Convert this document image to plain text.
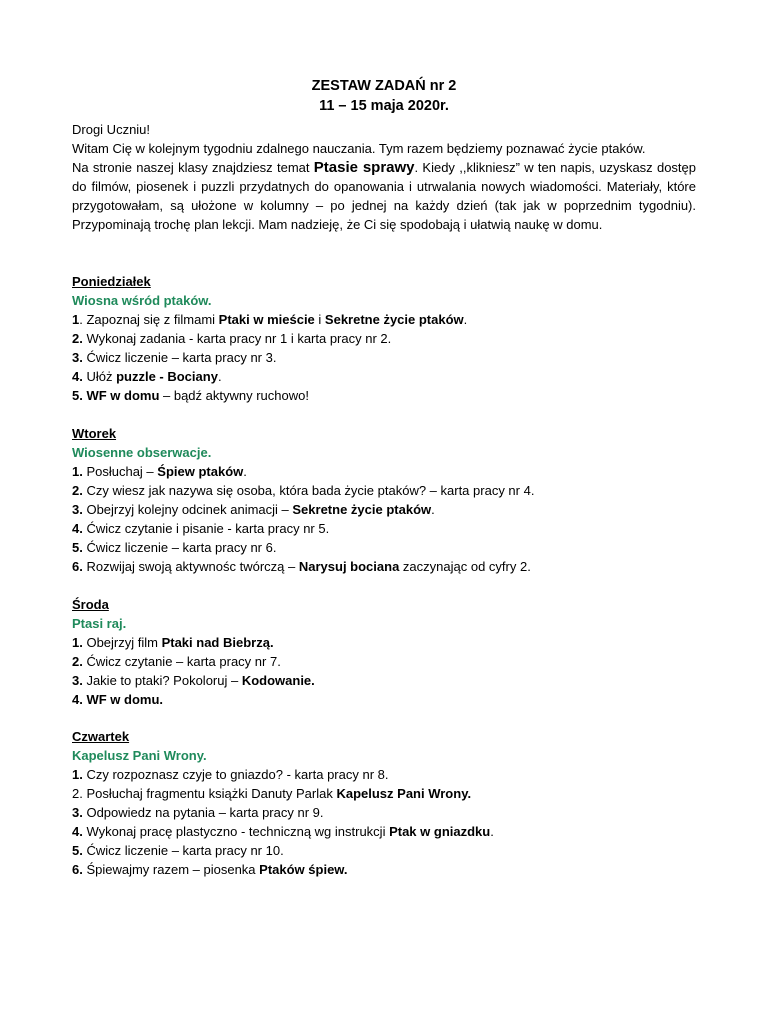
ZESTAW ZADAŃ nr 2
11 – 15 maja 2020r.

Drogi Uczniu!

Witam Cię w kolejnym tygodniu zdalnego nauczania. Tym razem będziemy poznawać życie ptaków.

Na stronie naszej klasy znajdziesz temat Ptasie sprawy. Kiedy ,,klikniesz” w ten napis, uzyskasz dostęp do filmów, piosenek i puzzli przydatnych do opanowania i utrwalania nowych wiadomości. Materiały, które przygotowałam, są ułożone w kolumny – po jednej na każdy dzień (tak jak w poprzednim tygodniu). Przypominają trochę plan lekcji. Mam nadzieję, że Ci się spodobają i ułatwią naukę w domu.

Poniedziałek
Wiosna wśród ptaków.

1. Zapoznaj się z filmami Ptaki w mieście i Sekretne życie ptaków.

2. Wykonaj zadania - karta pracy nr 1 i karta pracy nr 2.

3. Ćwicz liczenie – karta pracy nr 3.

4. Ułóż puzzle - Bociany.

5. WF w domu – bądź aktywny ruchowo!

Wtorek
Wiosenne obserwacje.

1. Posłuchaj – Śpiew ptaków.

2. Czy wiesz jak nazywa się osoba, która bada życie ptaków? – karta pracy nr 4.

3. Obejrzyj kolejny odcinek animacji – Sekretne życie ptaków.

4. Ćwicz czytanie i pisanie - karta pracy nr 5.

5. Ćwicz liczenie – karta pracy nr 6.

6. Rozwijaj swoją aktywnośc twórczą – Narysuj bociana zaczynając od cyfry 2.

Środa
Ptasi raj.

1. Obejrzyj film Ptaki nad Biebrzą.

2. Ćwicz czytanie – karta pracy nr 7.

3. Jakie to ptaki? Pokoloruj – Kodowanie.

4. WF w domu.

Czwartek
Kapelusz Pani Wrony.

1. Czy rozpoznasz czyje to gniazdo? - karta pracy nr 8.

2. Posłuchaj fragmentu książki Danuty Parlak Kapelusz Pani Wrony.

3. Odpowiedz na pytania – karta pracy nr 9.

4. Wykonaj pracę plastyczno - techniczną wg instrukcji Ptak w gniazdku.

5. Ćwicz liczenie – karta pracy nr 10.

6. Śpiewajmy razem – piosenka Ptaków śpiew.
